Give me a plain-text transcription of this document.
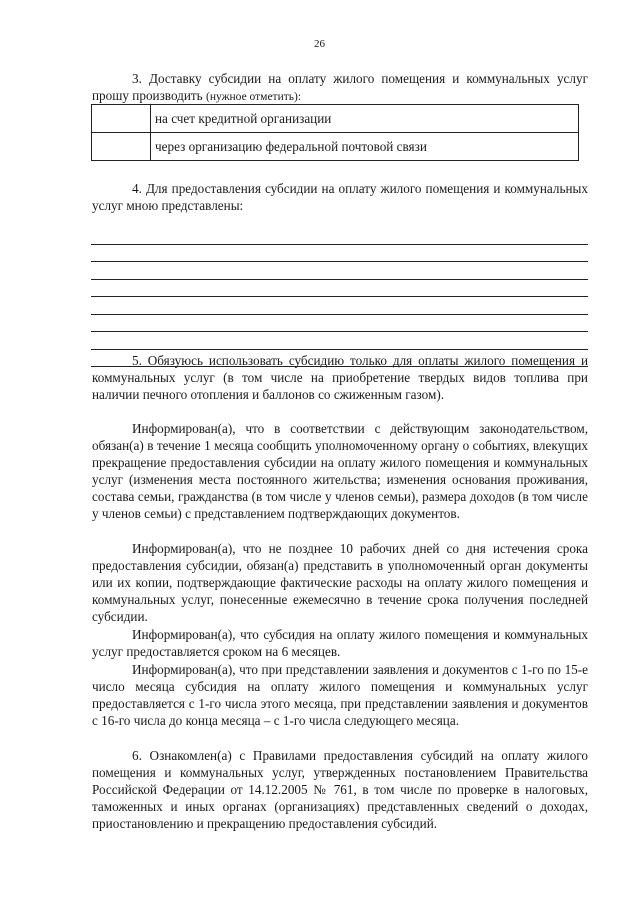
26

3. Доставку субсидии на оплату жилого помещения и коммунальных услуг прошу производить (нужное отметить):

	на счет кредитной организации
	через организацию федеральной почтовой связи

4. Для предоставления субсидии на оплату жилого помещения и коммунальных услуг мною представлены:

5. Обязуюсь использовать субсидию только для оплаты жилого помещения и коммунальных услуг (в том числе на приобретение твердых видов топлива при наличии печного отопления и баллонов со сжиженным газом).

Информирован(а), что в соответствии с действующим законодательством, обязан(а) в течение 1 месяца сообщить уполномоченному органу о событиях, влекущих прекращение предоставления субсидии на оплату жилого помещения и коммунальных услуг (изменения места постоянного жительства; изменения основания проживания, состава семьи, гражданства (в том числе у членов семьи), размера доходов (в том числе у членов семьи) с представлением подтверждающих документов.

Информирован(а), что не позднее 10 рабочих дней со дня истечения срока предоставления субсидии, обязан(а) представить в уполномоченный орган документы или их копии, подтверждающие фактические расходы на оплату жилого помещения и коммунальных услуг, понесенные ежемесячно в течение срока получения последней субсидии.

Информирован(а), что субсидия на оплату жилого помещения и коммунальных услуг предоставляется сроком на 6 месяцев.

Информирован(а), что при представлении заявления и документов с 1-го по 15-е число месяца субсидия на оплату жилого помещения и коммунальных услуг предоставляется с 1-го числа этого месяца, при представлении заявления и документов с 16-го числа до конца месяца – с 1-го числа следующего месяца.

6. Ознакомлен(а) с Правилами предоставления субсидий на оплату жилого помещения и коммунальных услуг, утвержденных постановлением Правительства Российской Федерации от 14.12.2005 № 761, в том числе по проверке в налоговых, таможенных и иных органах (организациях) представленных сведений о доходах, приостановлению и прекращению предоставления субсидий.
